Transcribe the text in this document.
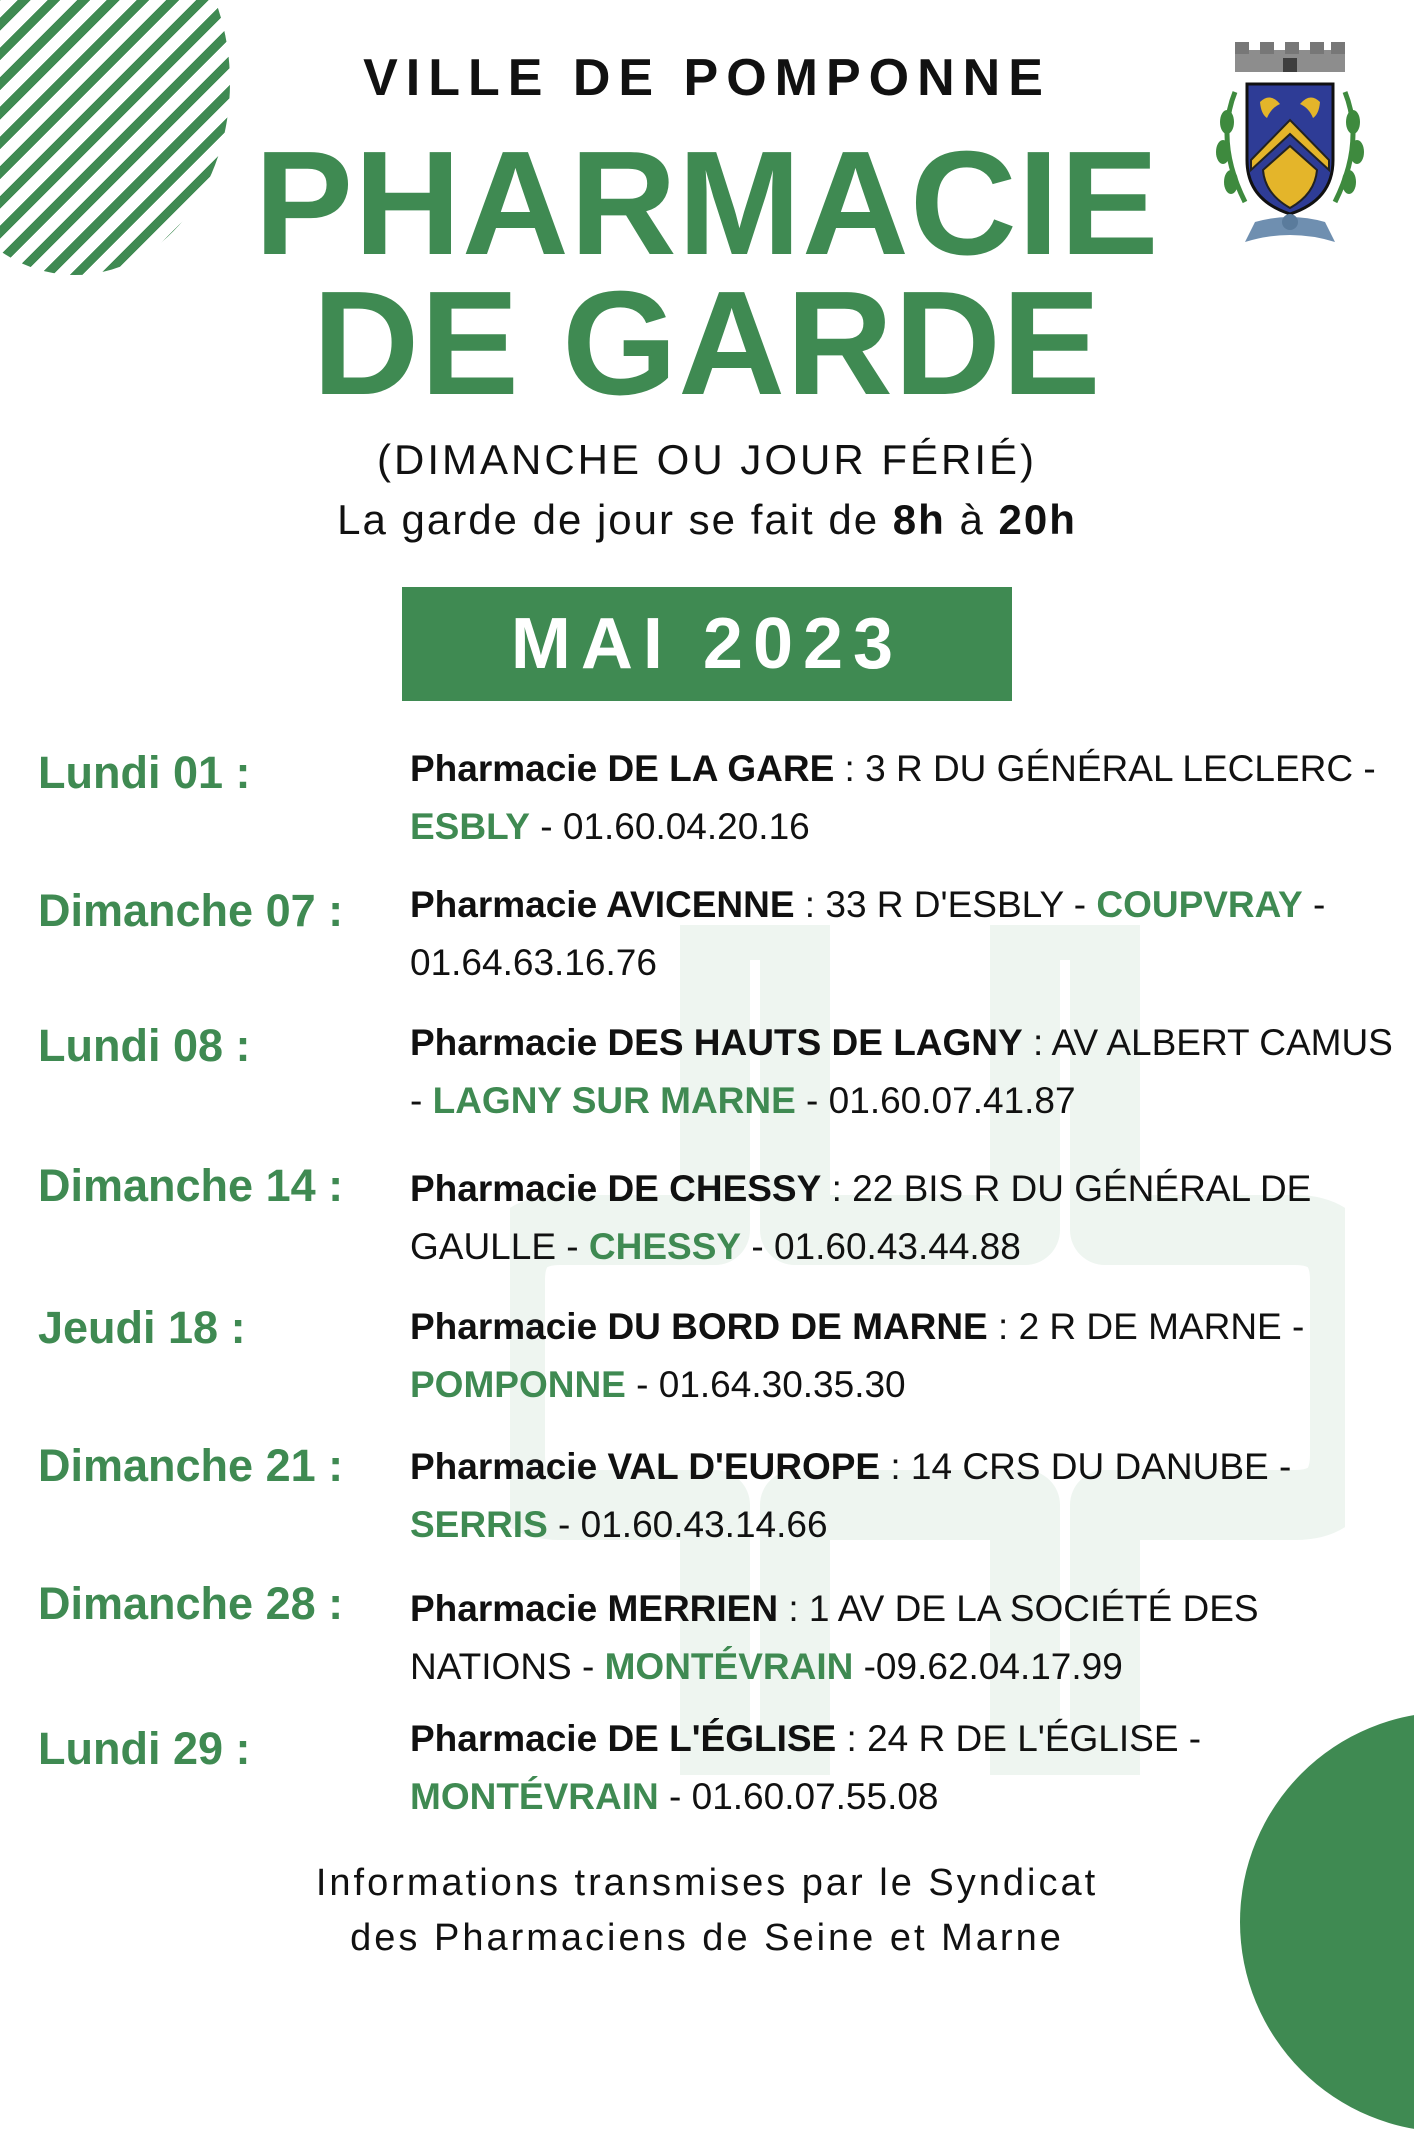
VILLE DE POMPONNE
PHARMACIE
DE GARDE
(DIMANCHE OU JOUR FÉRIÉ)
La garde de jour se fait de 8h à 20h
MAI 2023
Lundi 01 :	Pharmacie DE LA GARE : 3 R DU GÉNÉRAL LECLERC - ESBLY - 01.60.04.20.16
Dimanche 07 : Pharmacie AVICENNE : 33 R D'ESBLY - COUPVRAY - 01.64.63.16.76
Lundi 08 :	Pharmacie DES HAUTS DE LAGNY : AV ALBERT CAMUS - LAGNY SUR MARNE - 01.60.07.41.87
Dimanche 14 : Pharmacie DE CHESSY : 22 BIS R DU GÉNÉRAL DE GAULLE - CHESSY - 01.60.43.44.88
Jeudi 18 :	Pharmacie DU BORD DE MARNE : 2 R DE MARNE - POMPONNE - 01.64.30.35.30
Dimanche 21 : Pharmacie VAL D'EUROPE : 14 CRS DU DANUBE - SERRIS - 01.60.43.14.66
Dimanche 28 : Pharmacie MERRIEN : 1 AV DE LA SOCIÉTÉ DES NATIONS - MONTÉVRAIN -09.62.04.17.99
Lundi 29 :	Pharmacie DE L'ÉGLISE : 24 R DE L'ÉGLISE - MONTÉVRAIN - 01.60.07.55.08
Informations transmises par le Syndicat
des Pharmaciens de Seine et Marne
